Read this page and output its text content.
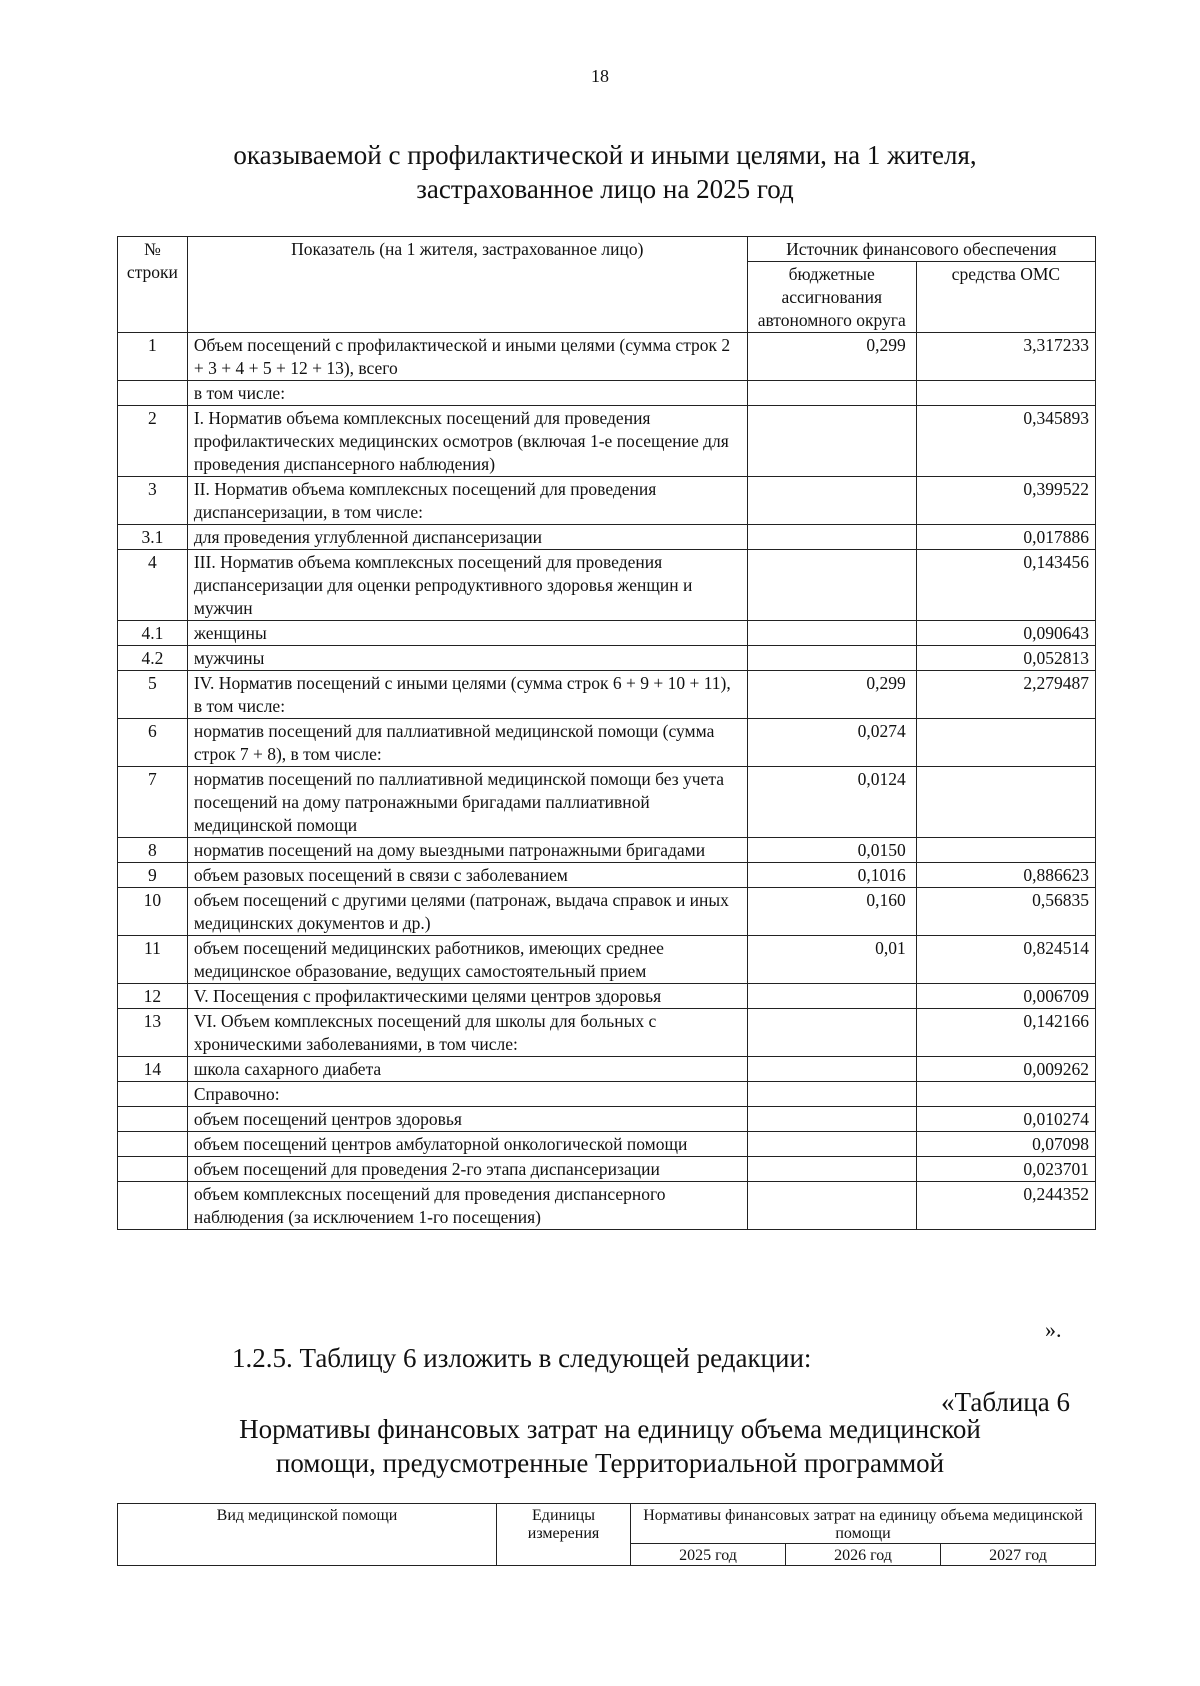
18
оказываемой с профилактической и иными целями, на 1 жителя,
застрахованное лицо на 2025 год
№ строки	Показатель (на 1 жителя, застрахованное лицо)	Источник финансового обеспечения	
		бюджетные ассигнования автономного округа	средства ОМС
1	Объем посещений с профилактической и иными целями (сумма строк 2 + 3 + 4 + 5 + 12 + 13), всего	0,299	3,317233
	в том числе:		
2	I. Норматив объема комплексных посещений для проведения профилактических медицинских осмотров (включая 1-е посещение для проведения диспансерного наблюдения)		0,345893
3	II. Норматив объема комплексных посещений для проведения диспансеризации, в том числе:		0,399522
3.1	для проведения углубленной диспансеризации		0,017886
4	III. Норматив объема комплексных посещений для проведения диспансеризации для оценки репродуктивного здоровья женщин и мужчин		0,143456
4.1	женщины		0,090643
4.2	мужчины		0,052813
5	IV. Норматив посещений с иными целями (сумма строк 6 + 9 + 10 + 11), в том числе:	0,299	2,279487
6	норматив посещений для паллиативной медицинской помощи (сумма строк 7 + 8), в том числе:	0,0274	
7	норматив посещений по паллиативной медицинской помощи без учета посещений на дому патронажными бригадами паллиативной медицинской помощи	0,0124	
8	норматив посещений на дому выездными патронажными бригадами	0,0150	
9	объем разовых посещений в связи с заболеванием	0,1016	0,886623
10	объем посещений с другими целями (патронаж, выдача справок и иных медицинских документов и др.)	0,160	0,56835
11	объем посещений медицинских работников, имеющих среднее медицинское образование, ведущих самостоятельный прием	0,01	0,824514
12	V. Посещения с профилактическими целями центров здоровья		0,006709
13	VI. Объем комплексных посещений для школы для больных с хроническими заболеваниями, в том числе:		0,142166
14	школа сахарного диабета		0,009262
	Справочно:		
	объем посещений центров здоровья		0,010274
	объем посещений центров амбулаторной онкологической помощи		0,07098
	объем посещений для проведения 2-го этапа диспансеризации		0,023701
	объем комплексных посещений для проведения диспансерного наблюдения (за исключением 1-го посещения)		0,244352
».
1.2.5. Таблицу 6 изложить в следующей редакции:
«Таблица 6
Нормативы финансовых затрат на единицу объема медицинской
помощи, предусмотренные Территориальной программой
Вид медицинской помощи	Единицы измерения	Нормативы финансовых затрат на единицу объема медицинской помощи		
		2025 год	2026 год	2027 год
